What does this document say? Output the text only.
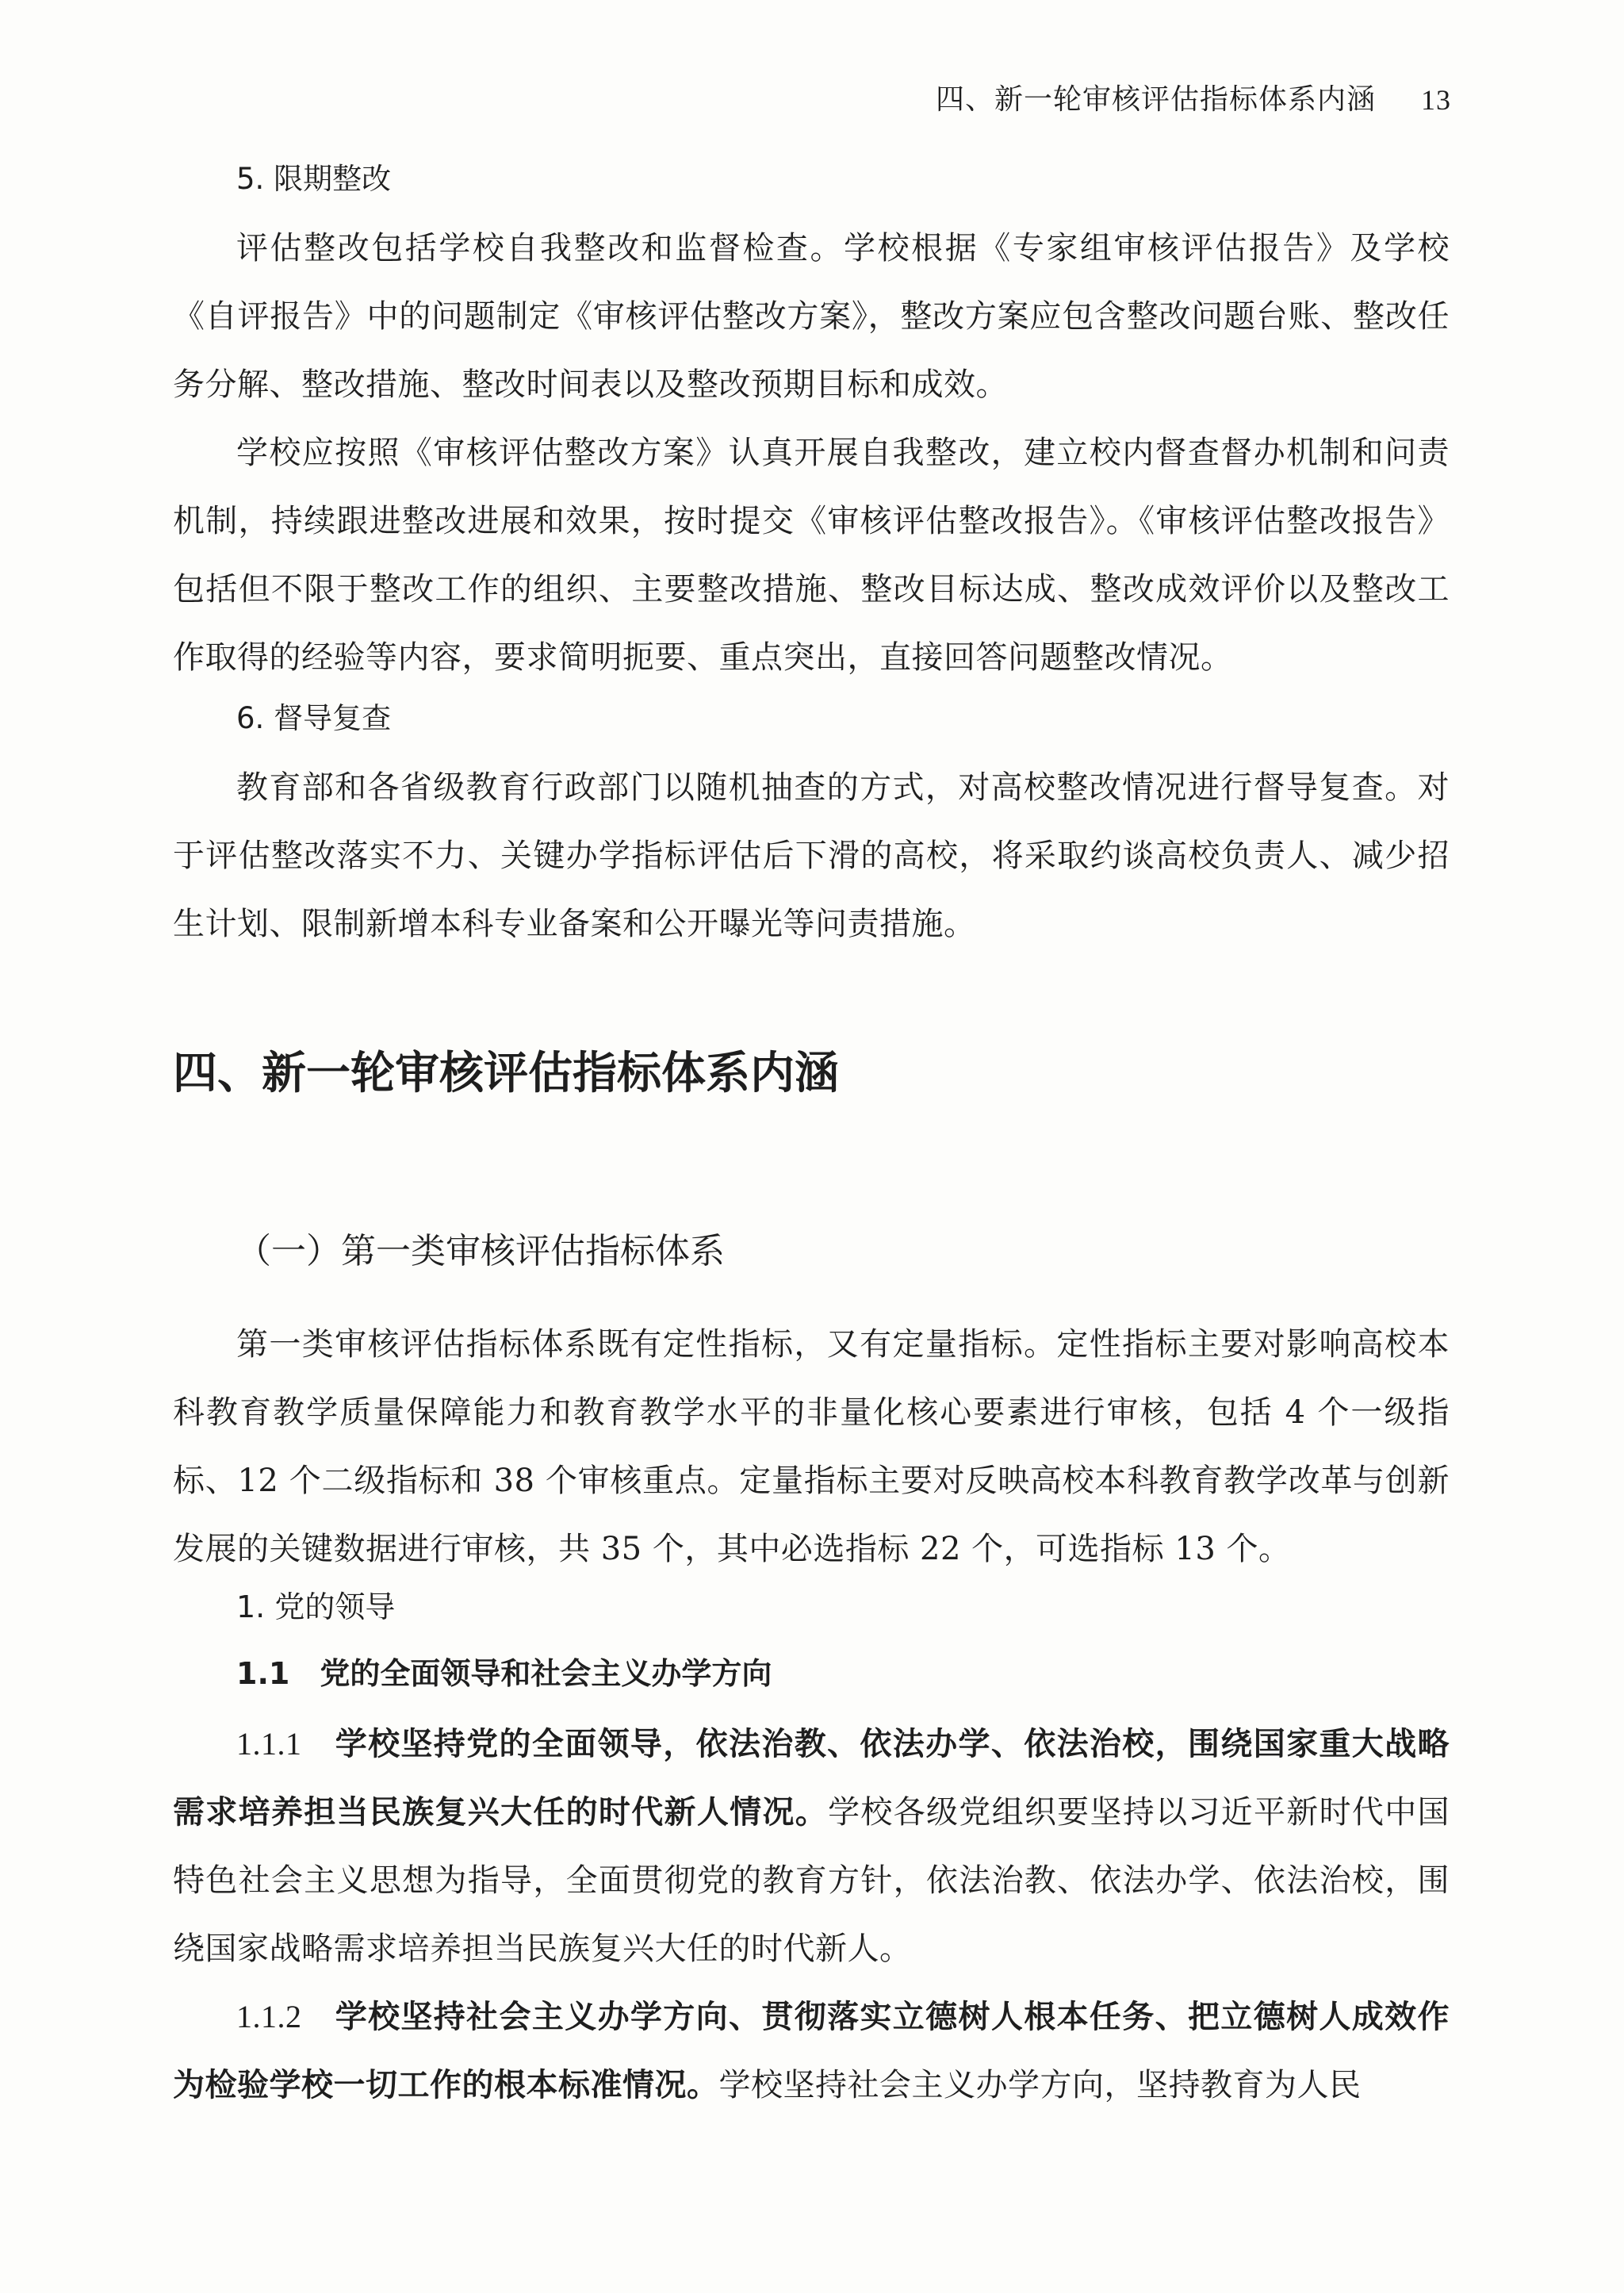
四、新一轮审核评估指标体系内涵 13
5. 限期整改
评估整改包括学校自我整改和监督检查。学校根据《专家组审核评估报告》及学校《自评报告》中的问题制定《审核评估整改方案》，整改方案应包含整改问题台账、整改任务分解、整改措施、整改时间表以及整改预期目标和成效。
学校应按照《审核评估整改方案》认真开展自我整改，建立校内督查督办机制和问责机制，持续跟进整改进展和效果，按时提交《审核评估整改报告》。《审核评估整改报告》包括但不限于整改工作的组织、主要整改措施、整改目标达成、整改成效评价以及整改工作取得的经验等内容，要求简明扼要、重点突出，直接回答问题整改情况。
6. 督导复查
教育部和各省级教育行政部门以随机抽查的方式，对高校整改情况进行督导复查。对于评估整改落实不力、关键办学指标评估后下滑的高校，将采取约谈高校负责人、减少招生计划、限制新增本科专业备案和公开曝光等问责措施。
四、新一轮审核评估指标体系内涵
（一）第一类审核评估指标体系
第一类审核评估指标体系既有定性指标，又有定量指标。定性指标主要对影响高校本科教育教学质量保障能力和教育教学水平的非量化核心要素进行审核，包括 4 个一级指标、12 个二级指标和 38 个审核重点。定量指标主要对反映高校本科教育教学改革与创新发展的关键数据进行审核，共 35 个，其中必选指标 22 个，可选指标 13 个。
1. 党的领导
1.1　党的全面领导和社会主义办学方向
1.1.1　 学校坚持党的全面领导，依法治教、依法办学、依法治校，围绕国家重大战略需求培养担当民族复兴大任的时代新人情况。学校各级党组织要坚持以习近平新时代中国特色社会主义思想为指导，全面贯彻党的教育方针，依法治教、依法办学、依法治校，围绕国家战略需求培养担当民族复兴大任的时代新人。
1.1.2　 学校坚持社会主义办学方向、贯彻落实立德树人根本任务、把立德树人成效作为检验学校一切工作的根本标准情况。学校坚持社会主义办学方向，坚持教育为人民
